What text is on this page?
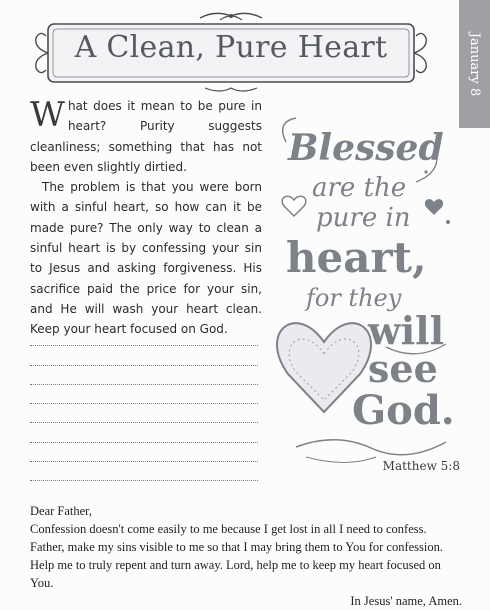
A Clean, Pure Heart	January 8

What does it mean to be pure in heart? Purity suggests cleanliness; something that has not been even slightly dirtied.

The problem is that you were born with a sinful heart, so how can it be made pure? The only way to clean a sinful heart is by confessing your sin to Jesus and asking forgiveness. His sacrifice paid the price for your sin, and He will wash your heart clean. Keep your heart focused on God.

Blessed
are the
pure in
heart,
for they
will
see
God.
Matthew 5:8

Dear Father,

Confession doesn't come easily to me because I get lost in all I need to confess. Father, make my sins visible to me so that I may bring them to You for confession. Help me to truly repent and turn away. Lord, help me to keep my heart focused on You.

In Jesus' name, Amen.
